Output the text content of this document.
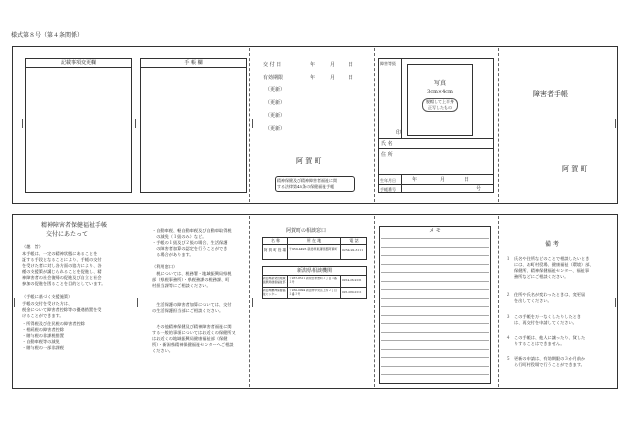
様式第８号（第４条関係）
記載事項変更欄	手 帳 欄	交 付 日	年	月	日
有効期限	年	月	日
（更新）
（更新）
（更新）
（更新）
阿 賀 町
精神保健及び精神障害者福祉に関
する法律第45条の保健福祉手帳
障害等級
写真
3cm×4cm
脱帽して上半身
正写したもの
印
氏 名
住 所
生年月日	年	月	日
手帳番号	号
障害者手帳
阿 賀 町
精神障害者保健福祉手帳
交付にあたって
（趣　旨）
本手帳は、一定の精神状態にあることを
証する手段となることにより、手帳の交付
を受けた者に対し各方面の協力により、各
種の支援策が講じられることを促進し、精
神障害者の社会復帰の促進及び自立と社会
参加の促進を図ることを目的としています。
（手帳に基づく支援施策）
手帳の交付を受けた方は、
税金について障害者控除等の優遇措置を受
けることができます。
・所得税及び住民税の障害者控除
・相続税の障害者控除
・贈与税の非課税措置
・自動車税等の減免
・贈与税の一部非課税
・自動車税、軽自動車税及び自動車取得税
　の減免（１級のみ）など。
・手帳の１級及び２級の場合、生活保護
　の障害者加算の認定を行うことができ
　る場合があります。
（利用窓口）
　税については、税務署・地域振興局県税
部（県税事務所）・県税務課の税務課、町
村担当課等にご相談ください。
　生活保護の障害者加算については、交付
の生活保護担当部にご相談ください。
　その他精神保健及び精神障害者福祉に関
する一般的事項についてはお近くの保健所又
はお近くの地域振興局健康福祉部（保健
所）・新潟県精神保健福祉センターへご相談
ください。
阿賀町の相談窓口
名 称	所 在 地	電 話
阿 賀 町 役 場 〒959-4495 新潟県東蒲原郡阿賀町	0254-92-3111
新潟県相談機関
新潟県新発田地域振興局健康福祉部
〒957-8511 新発田市豊町３丁目３番２号	0254-26-9131
新潟県精神保健福祉センター
〒950-0994 新潟市中央区上所２丁目２番３号	025-280-0111
メ モ
備 考
１ 氏名や住所などのことで相談したいとき
には、お町村役場、健康福祉（環境）部、
保健所、精神保健福祉センター、福祉事
務所などにご相談ください。
２ 住所や氏名が変わったときは、変更届
を出してください。
３ この手帳を万一なくしたりしたとき
は、再交付を申請してください。
４ この手帳は、他人に譲ったり、貸した
りすることはできません。
５ 更新の申請は、有効期限の３か月前か
ら行町村役場で行うことができます。
